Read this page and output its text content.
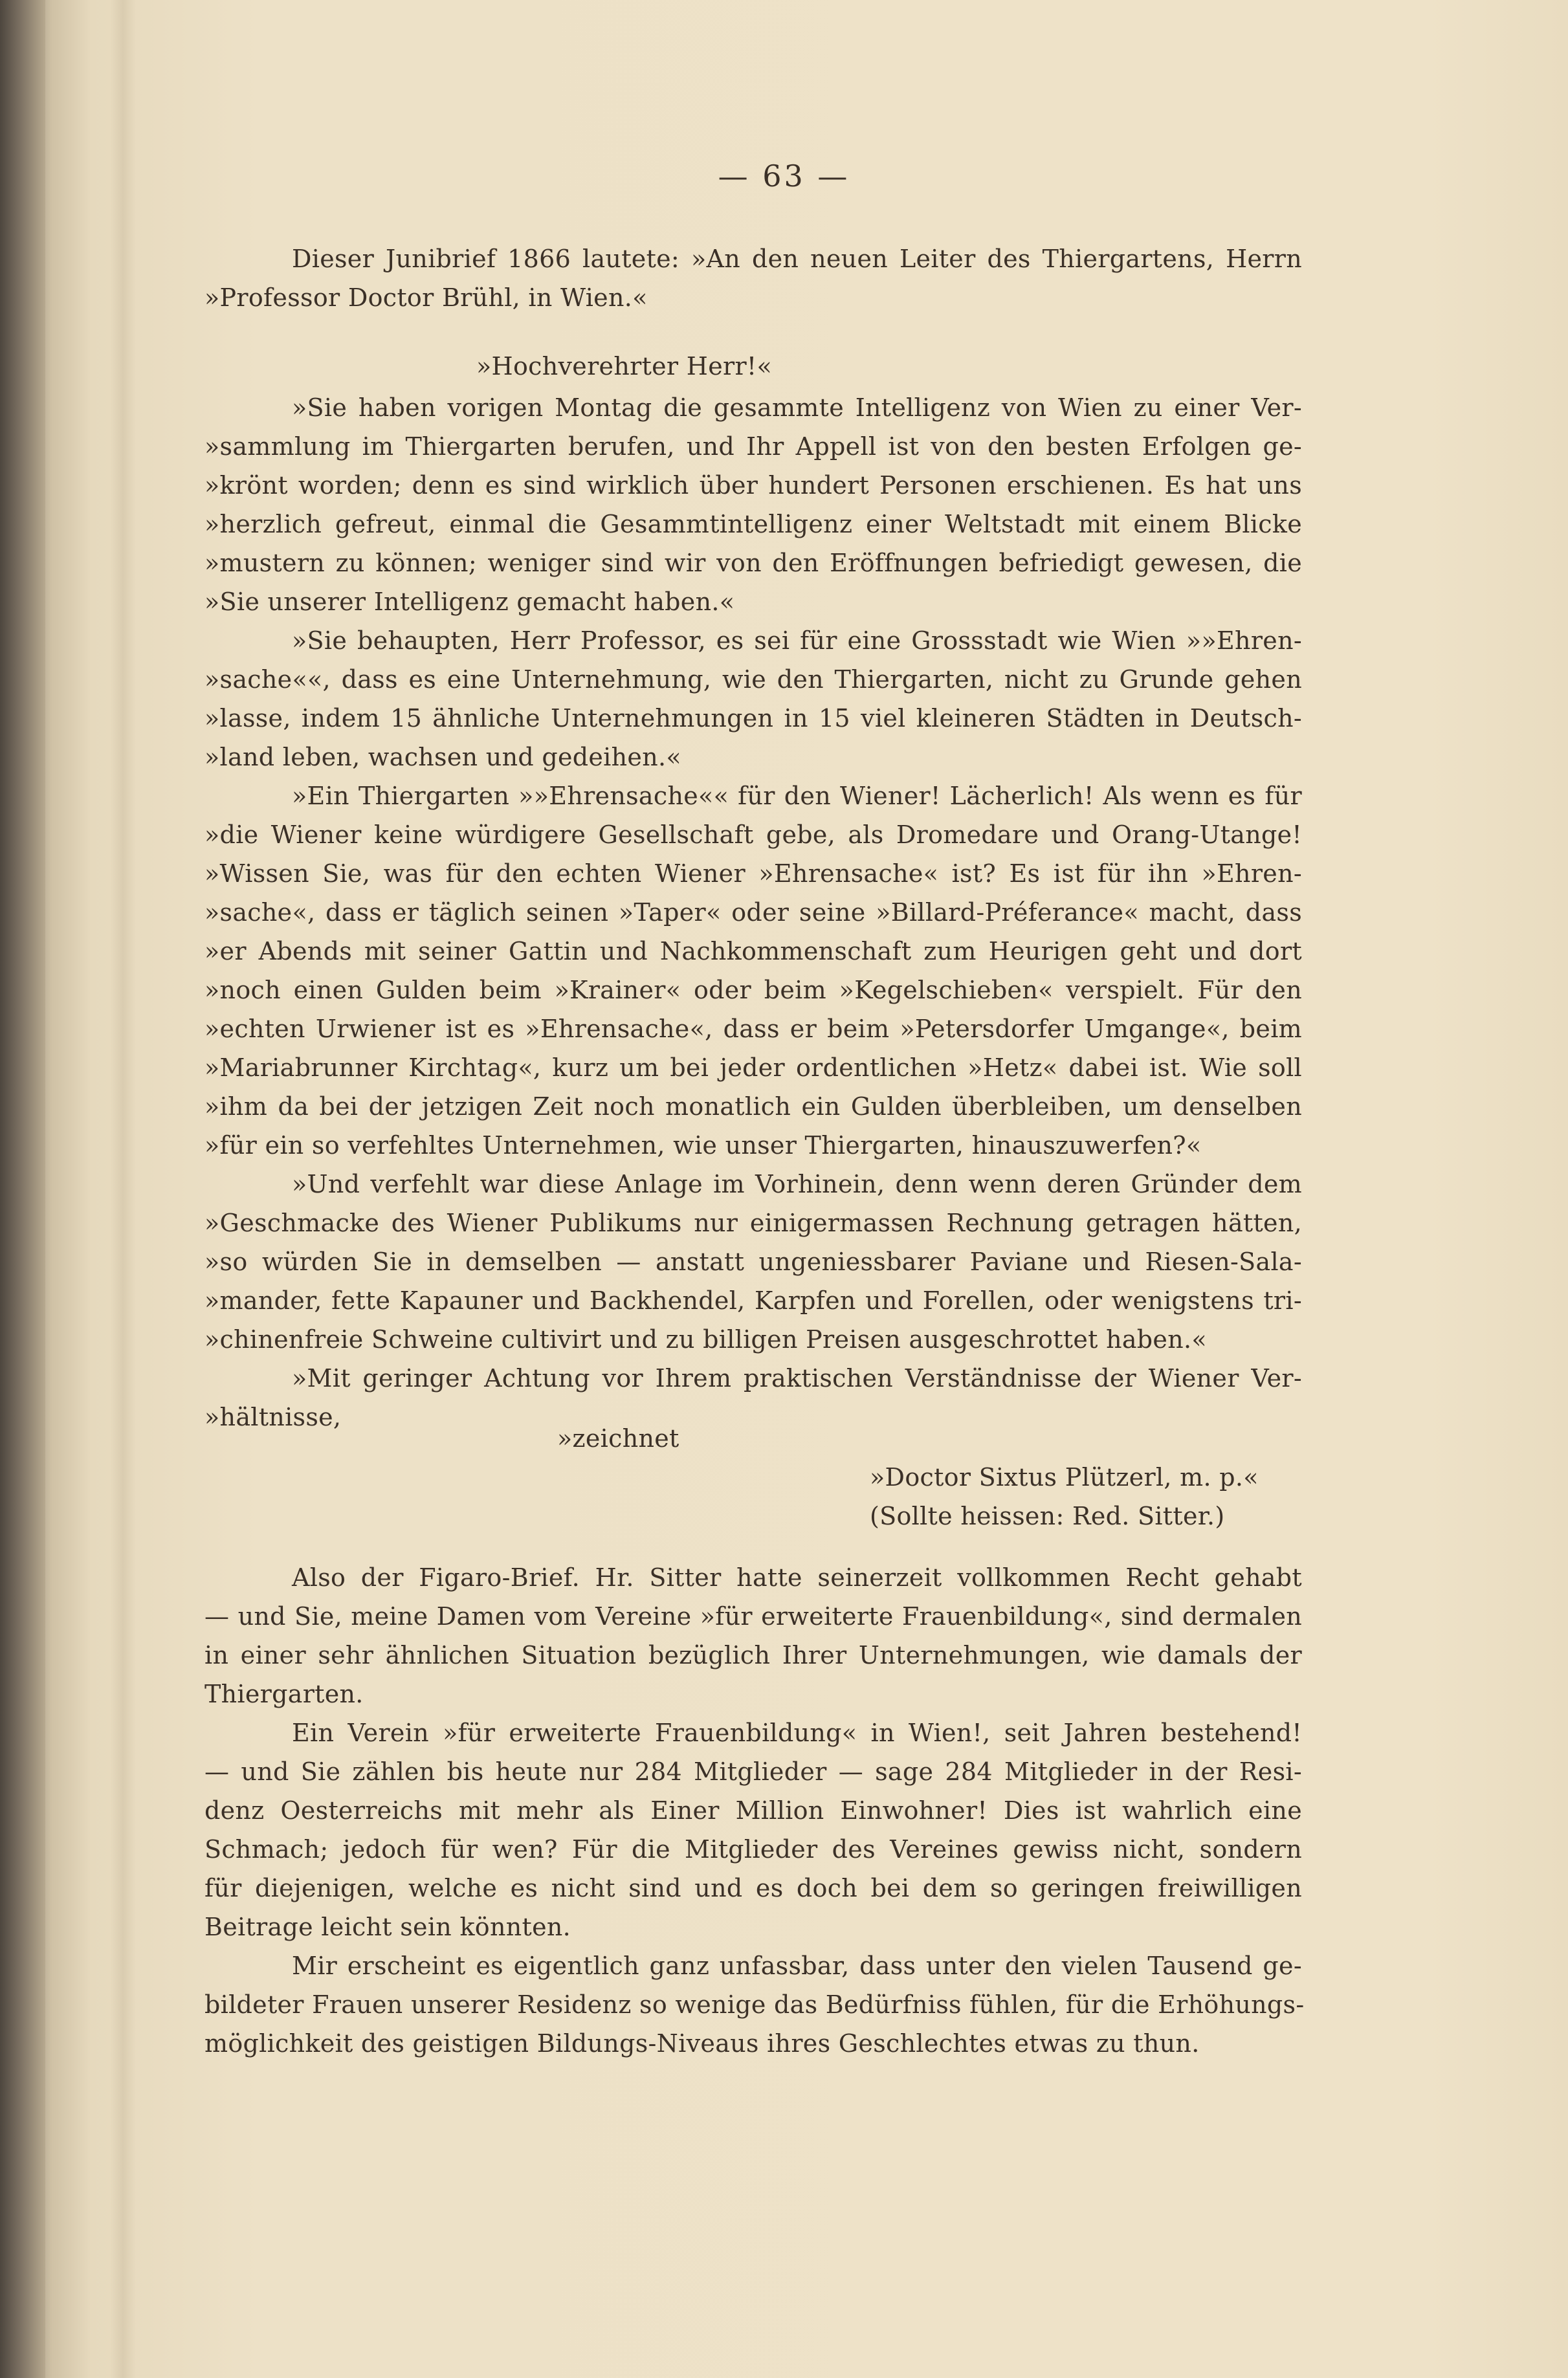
— 63 —
Dieser Junibrief 1866 lautete: »An den neuen Leiter des Thiergartens, Herrn
»Professor Doctor Brühl, in Wien.«
»Hochverehrter Herr!«
»Sie haben vorigen Montag die gesammte Intelligenz von Wien zu einer Ver-
»sammlung im Thiergarten berufen, und Ihr Appell ist von den besten Erfolgen ge-
»krönt worden; denn es sind wirklich über hundert Personen erschienen. Es hat uns
»herzlich gefreut, einmal die Gesammtintelligenz einer Weltstadt mit einem Blicke
»mustern zu können; weniger sind wir von den Eröffnungen befriedigt gewesen, die
»Sie unserer Intelligenz gemacht haben.«
»Sie behaupten, Herr Professor, es sei für eine Grossstadt wie Wien »»Ehren-
»sache««, dass es eine Unternehmung, wie den Thiergarten, nicht zu Grunde gehen
»lasse, indem 15 ähnliche Unternehmungen in 15 viel kleineren Städten in Deutsch-
»land leben, wachsen und gedeihen.«
»Ein Thiergarten »»Ehrensache«« für den Wiener! Lächerlich! Als wenn es für
»die Wiener keine würdigere Gesellschaft gebe, als Dromedare und Orang-Utange!
»Wissen Sie, was für den echten Wiener »Ehrensache« ist? Es ist für ihn »Ehren-
»sache«, dass er täglich seinen »Taper« oder seine »Billard-Préferance« macht, dass
»er Abends mit seiner Gattin und Nachkommenschaft zum Heurigen geht und dort
»noch einen Gulden beim »Krainer« oder beim »Kegelschieben« verspielt. Für den
»echten Urwiener ist es »Ehrensache«, dass er beim »Petersdorfer Umgange«, beim
»Mariabrunner Kirchtag«, kurz um bei jeder ordentlichen »Hetz« dabei ist. Wie soll
»ihm da bei der jetzigen Zeit noch monatlich ein Gulden überbleiben, um denselben
»für ein so verfehltes Unternehmen, wie unser Thiergarten, hinauszuwerfen?«
»Und verfehlt war diese Anlage im Vorhinein, denn wenn deren Gründer dem
»Geschmacke des Wiener Publikums nur einigermassen Rechnung getragen hätten,
»so würden Sie in demselben — anstatt ungeniessbarer Paviane und Riesen-Sala-
»mander, fette Kapauner und Backhendel, Karpfen und Forellen, oder wenigstens tri-
»chinenfreie Schweine cultivirt und zu billigen Preisen ausgeschrottet haben.«
»Mit geringer Achtung vor Ihrem praktischen Verständnisse der Wiener Ver-
»hältnisse,
»zeichnet
»Doctor Sixtus Plützerl, m. p.«
(Sollte heissen: Red. Sitter.)
Also der Figaro-Brief. Hr. Sitter hatte seinerzeit vollkommen Recht gehabt
— und Sie, meine Damen vom Vereine »für erweiterte Frauenbildung«, sind dermalen
in einer sehr ähnlichen Situation bezüglich Ihrer Unternehmungen, wie damals der
Thiergarten.
Ein Verein »für erweiterte Frauenbildung« in Wien!, seit Jahren bestehend!
— und Sie zählen bis heute nur 284 Mitglieder — sage 284 Mitglieder in der Resi-
denz Oesterreichs mit mehr als Einer Million Einwohner! Dies ist wahrlich eine
Schmach; jedoch für wen? Für die Mitglieder des Vereines gewiss nicht, sondern
für diejenigen, welche es nicht sind und es doch bei dem so geringen freiwilligen
Beitrage leicht sein könnten.
Mir erscheint es eigentlich ganz unfassbar, dass unter den vielen Tausend ge-
bildeter Frauen unserer Residenz so wenige das Bedürfniss fühlen, für die Erhöhungs-
möglichkeit des geistigen Bildungs-Niveaus ihres Geschlechtes etwas zu thun.
